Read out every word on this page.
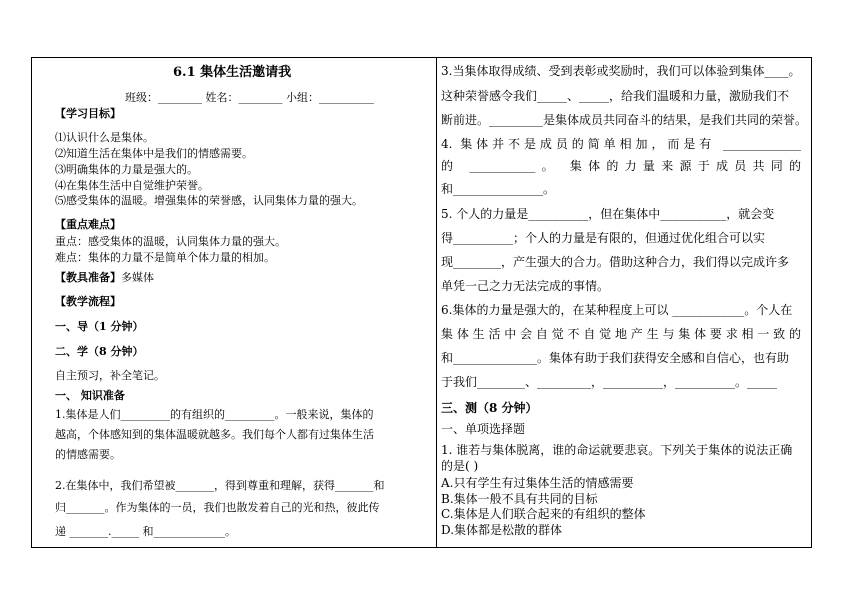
6.1 集体生活邀请我
班级：________ 姓名：________ 小组：__________
【学习目标】
⑴认识什么是集体。
⑵知道生活在集体中是我们的情感需要。
⑶明确集体的力量是强大的。
⑷在集体生活中自觉维护荣誉。
⑸感受集体的温暖。增强集体的荣誉感，认同集体力量的强大。
【重点难点】
重点：感受集体的温暖，认同集体力量的强大。
难点：集体的力量不是简单个体力量的相加。
【教具准备】多媒体
【教学流程】
一、导（1 分钟）
二、学（8 分钟）
自主预习，补全笔记。
一、 知识准备
1.集体是人们_________的有组织的_________。一般来说，集体的
越高，个体感知到的集体温暖就越多。我们每个人都有过集体生活
的情感需要。
2.在集体中，我们希望被_______，得到尊重和理解，获得_______和
归_______。作为集体的一员，我们也散发着自己的光和热，彼此传
递 _______._____ 和_____________。
3.当集体取得成绩、受到表彰或奖励时，我们可以体验到集体____。
这种荣誉感令我们_____、_____，给我们温暖和力量，激励我们不
断前进。_________是集体成员共同奋斗的结果，是我们共同的荣誉。
4. 集体并不是成员的简单相加，而是有 _____________
的 ___________。 集体的力量来源于成员共同的
和_______________。
5. 个人的力量是__________，但在集体中___________，就会变
得__________；个人的力量是有限的，但通过优化组合可以实
现________，产生强大的合力。借助这种合力，我们得以完成许多
单凭一己之力无法完成的事情。
6.集体的力量是强大的，在某种程度上可以 ____________。个人在
集体生活中会自觉不自觉地产生与集体要求相一致的
和______________。集体有助于我们获得安全感和自信心，也有助
于我们________、_________，__________，__________。_____
三、测（8 分钟）
一、单项选择题
1. 谁若与集体脱离，谁的命运就要悲哀。下列关于集体的说法正确
的是( )
A.只有学生有过集体生活的情感需要
B.集体一般不具有共同的目标
C.集体是人们联合起来的有组织的整体
D.集体都是松散的群体
